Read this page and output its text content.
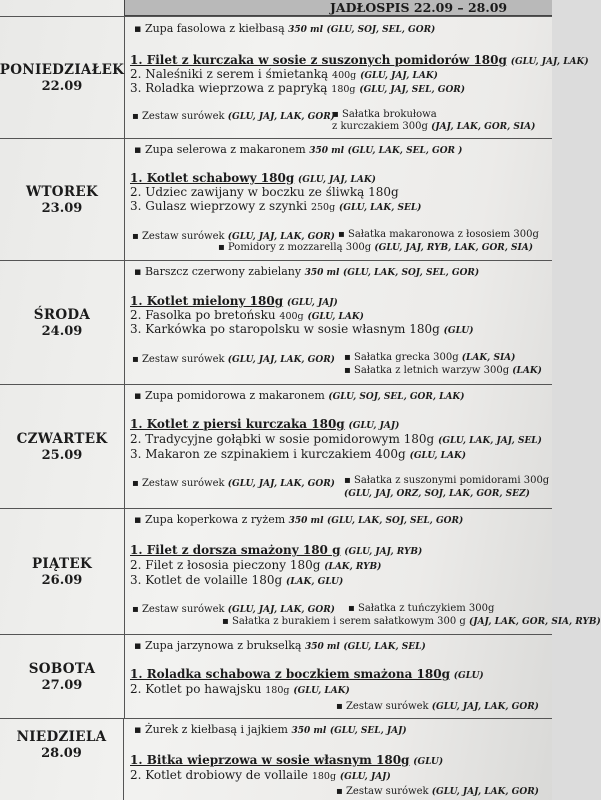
JADŁOSPIS 22.09 – 28.09
PONIEDZIAŁEK
22.09
▪ Zupa fasolowa z kiełbasą 350 ml (GLU, SOJ, SEL, GOR)
1. Filet z kurczaka w sosie z suszonych pomidorów 180g (GLU, JAJ, LAK)
2. Naleśniki z serem i śmietanką 400g (GLU, JAJ, LAK)
3. Roladka wieprzowa z papryką 180g (GLU, JAJ, SEL, GOR)
▪ Zestaw surówek (GLU, JAJ, LAK, GOR)
▪ Sałatka brokułowa
z kurczakiem 300g (JAJ, LAK, GOR, SIA)
WTOREK
23.09
▪ Zupa selerowa z makaronem 350 ml (GLU, LAK, SEL, GOR )
1. Kotlet schabowy 180g (GLU, JAJ, LAK)
2. Udziec zawijany w boczku ze śliwką 180g
3. Gulasz wieprzowy z szynki 250g (GLU, LAK, SEL)
▪ Zestaw surówek (GLU, JAJ, LAK, GOR) ▪ Sałatka makaronowa z łososiem 300g
▪ Pomidory z mozzarellą 300g (GLU, JAJ, RYB, LAK, GOR, SIA)
ŚRODA
24.09
▪ Barszcz czerwony zabielany 350 ml (GLU, LAK, SOJ, SEL, GOR)
1. Kotlet mielony 180g (GLU, JAJ)
2. Fasolka po bretońsku 400g (GLU, LAK)
3. Karkówka po staropolsku w sosie własnym 180g (GLU)
▪ Zestaw surówek (GLU, JAJ, LAK, GOR) ▪ Sałatka grecka 300g (LAK, SIA)
▪ Sałatka z letnich warzyw 300g (LAK)
CZWARTEK
25.09
▪ Zupa pomidorowa z makaronem (GLU, SOJ, SEL, GOR, LAK)
1. Kotlet z piersi kurczaka 180g (GLU, JAJ)
2. Tradycyjne gołąbki w sosie pomidorowym 180g (GLU, LAK, JAJ, SEL)
3. Makaron ze szpinakiem i kurczakiem 400g (GLU, LAK)
▪ Zestaw surówek (GLU, JAJ, LAK, GOR) ▪ Sałatka z suszonymi pomidorami 300g
(GLU, JAJ, ORZ, SOJ, LAK, GOR, SEZ)
PIĄTEK
26.09
▪ Zupa koperkowa z ryżem 350 ml (GLU, LAK, SOJ, SEL, GOR)
1. Filet z dorsza smażony 180 g (GLU, JAJ, RYB)
2. Filet z łososia pieczony 180g (LAK, RYB)
3. Kotlet de volaille 180g (LAK, GLU)
▪ Zestaw surówek (GLU, JAJ, LAK, GOR) ▪ Sałatka z tuńczykiem 300g
▪ Sałatka z burakiem i serem sałatkowym 300 g (JAJ, LAK, GOR, SIA, RYB)
SOBOTA
27.09
▪ Zupa jarzynowa z brukselką 350 ml (GLU, LAK, SEL)
1. Roladka schabowa z boczkiem smażona 180g (GLU)
2. Kotlet po hawajsku 180g (GLU, LAK)
▪ Zestaw surówek (GLU, JAJ, LAK, GOR)
NIEDZIELA
28.09
▪ Żurek z kiełbasą i jajkiem 350 ml (GLU, SEL, JAJ)
1. Bitka wieprzowa w sosie własnym 180g (GLU)
2. Kotlet drobiowy de vollaile 180g (GLU, JAJ)
▪ Zestaw surówek (GLU, JAJ, LAK, GOR)
